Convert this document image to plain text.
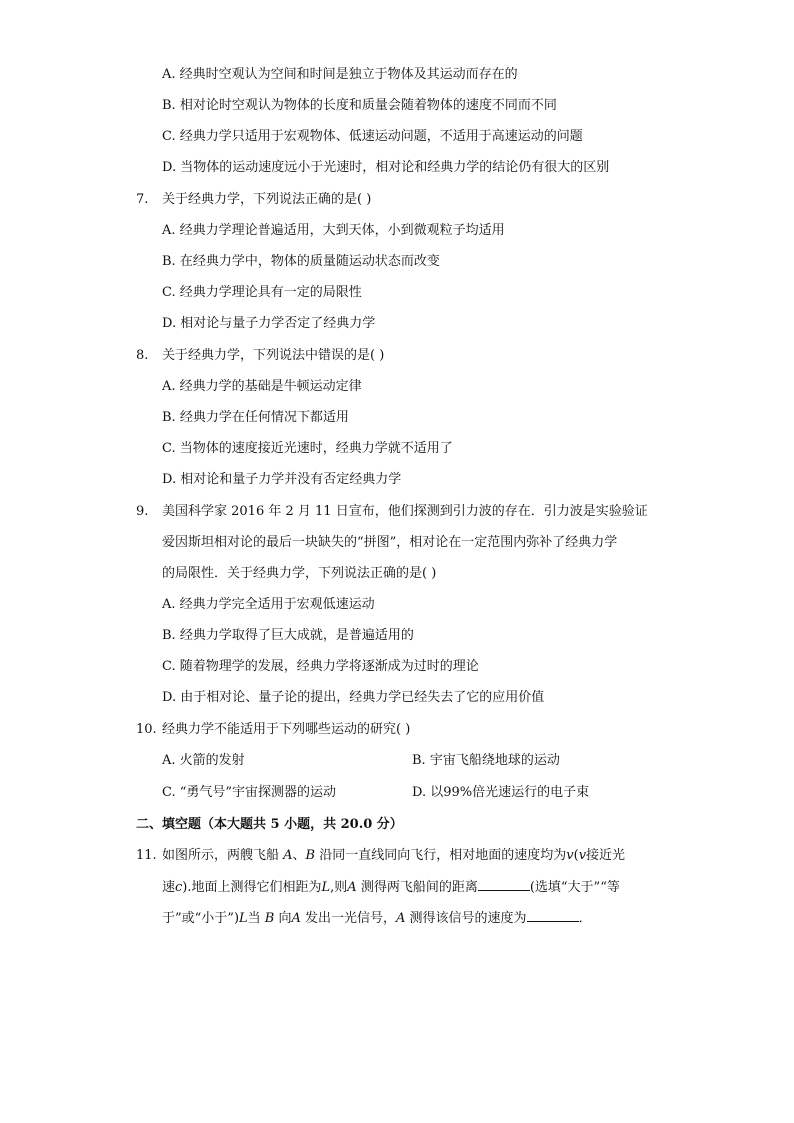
A. 经典时空观认为空间和时间是独立于物体及其运动而存在的
B. 相对论时空观认为物体的长度和质量会随着物体的速度不同而不同
C. 经典力学只适用于宏观物体、低速运动问题，不适用于高速运动的问题
D. 当物体的运动速度远小于光速时，相对论和经典力学的结论仍有很大的区别
7. 关于经典力学，下列说法正确的是( )
A. 经典力学理论普遍适用，大到天体，小到微观粒子均适用
B. 在经典力学中，物体的质量随运动状态而改变
C. 经典力学理论具有一定的局限性
D. 相对论与量子力学否定了经典力学
8. 关于经典力学，下列说法中错误的是( )
A. 经典力学的基础是牛顿运动定律
B. 经典力学在任何情况下都适用
C. 当物体的速度接近光速时，经典力学就不适用了
D. 相对论和量子力学并没有否定经典力学
9. 美国科学家 2016 年 2 月 11 日宣布，他们探测到引力波的存在．引力波是实验验证
爱因斯坦相对论的最后一块缺失的“拼图”，相对论在一定范围内弥补了经典力学
的局限性．关于经典力学，下列说法正确的是( )
A. 经典力学完全适用于宏观低速运动
B. 经典力学取得了巨大成就，是普遍适用的
C. 随着物理学的发展，经典力学将逐渐成为过时的理论
D. 由于相对论、量子论的提出，经典力学已经失去了它的应用价值
10. 经典力学不能适用于下列哪些运动的研究( )
A. 火箭的发射	B. 宇宙飞船绕地球的运动
C. “勇气号”宇宙探测器的运动	D. 以99%倍光速运行的电子束
二、填空题（本大题共 5 小题，共 20.0 分）
11. 如图所示，两艘飞船 A、B 沿同一直线同向飞行，相对地面的速度均为v(v接近光
速c).地面上测得它们相距为L,则A 测得两飞船间的距离	(选填“大于”“等
于”或“小于”)L当 B 向A 发出一光信号，A 测得该信号的速度为	．
